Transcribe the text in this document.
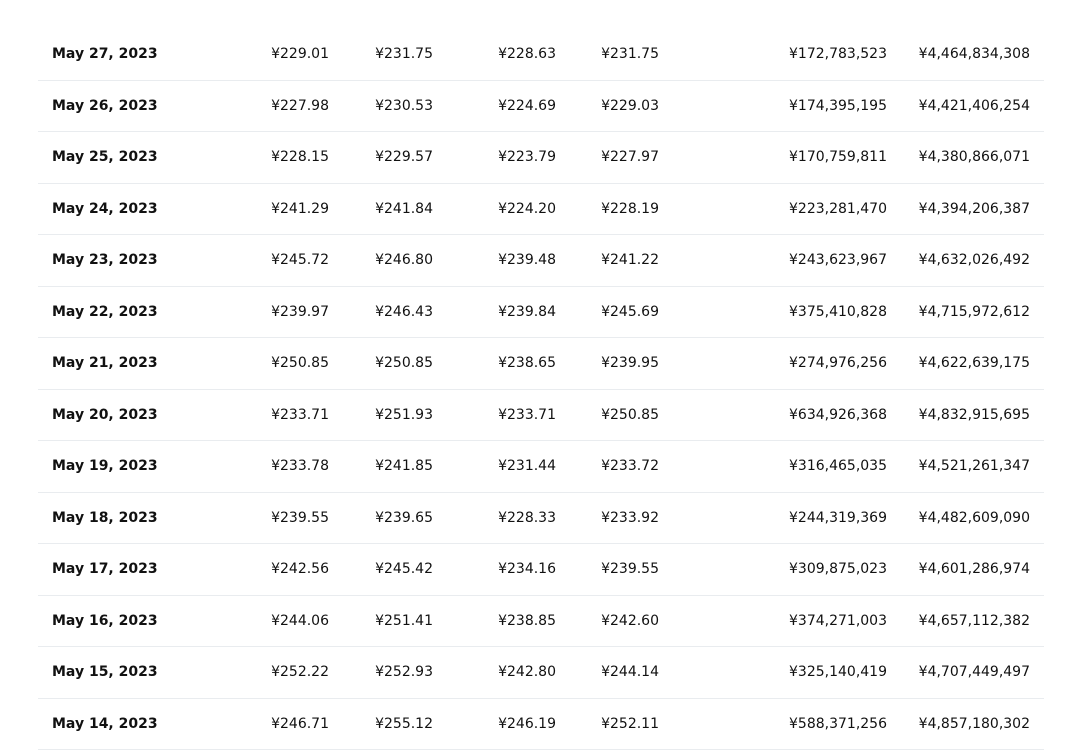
May 27, 2023	¥229.01	¥231.75	¥228.63	¥231.75	¥172,783,523 ¥4,464,834,308
May 26, 2023	¥227.98	¥230.53	¥224.69	¥229.03	¥174,395,195 ¥4,421,406,254
May 25, 2023	¥228.15	¥229.57	¥223.79	¥227.97	¥170,759,811 ¥4,380,866,071
May 24, 2023	¥241.29	¥241.84	¥224.20	¥228.19	¥223,281,470 ¥4,394,206,387
May 23, 2023	¥245.72	¥246.80	¥239.48	¥241.22	¥243,623,967 ¥4,632,026,492
May 22, 2023	¥239.97	¥246.43	¥239.84	¥245.69	¥375,410,828 ¥4,715,972,612
May 21, 2023	¥250.85	¥250.85	¥238.65	¥239.95	¥274,976,256 ¥4,622,639,175
May 20, 2023	¥233.71	¥251.93	¥233.71	¥250.85	¥634,926,368 ¥4,832,915,695
May 19, 2023	¥233.78	¥241.85	¥231.44	¥233.72	¥316,465,035 ¥4,521,261,347
May 18, 2023	¥239.55	¥239.65	¥228.33	¥233.92	¥244,319,369 ¥4,482,609,090
May 17, 2023	¥242.56	¥245.42	¥234.16	¥239.55	¥309,875,023 ¥4,601,286,974
May 16, 2023	¥244.06	¥251.41	¥238.85	¥242.60	¥374,271,003 ¥4,657,112,382
May 15, 2023	¥252.22	¥252.93	¥242.80	¥244.14	¥325,140,419 ¥4,707,449,497
May 14, 2023	¥246.71	¥255.12	¥246.19	¥252.11	¥588,371,256 ¥4,857,180,302
